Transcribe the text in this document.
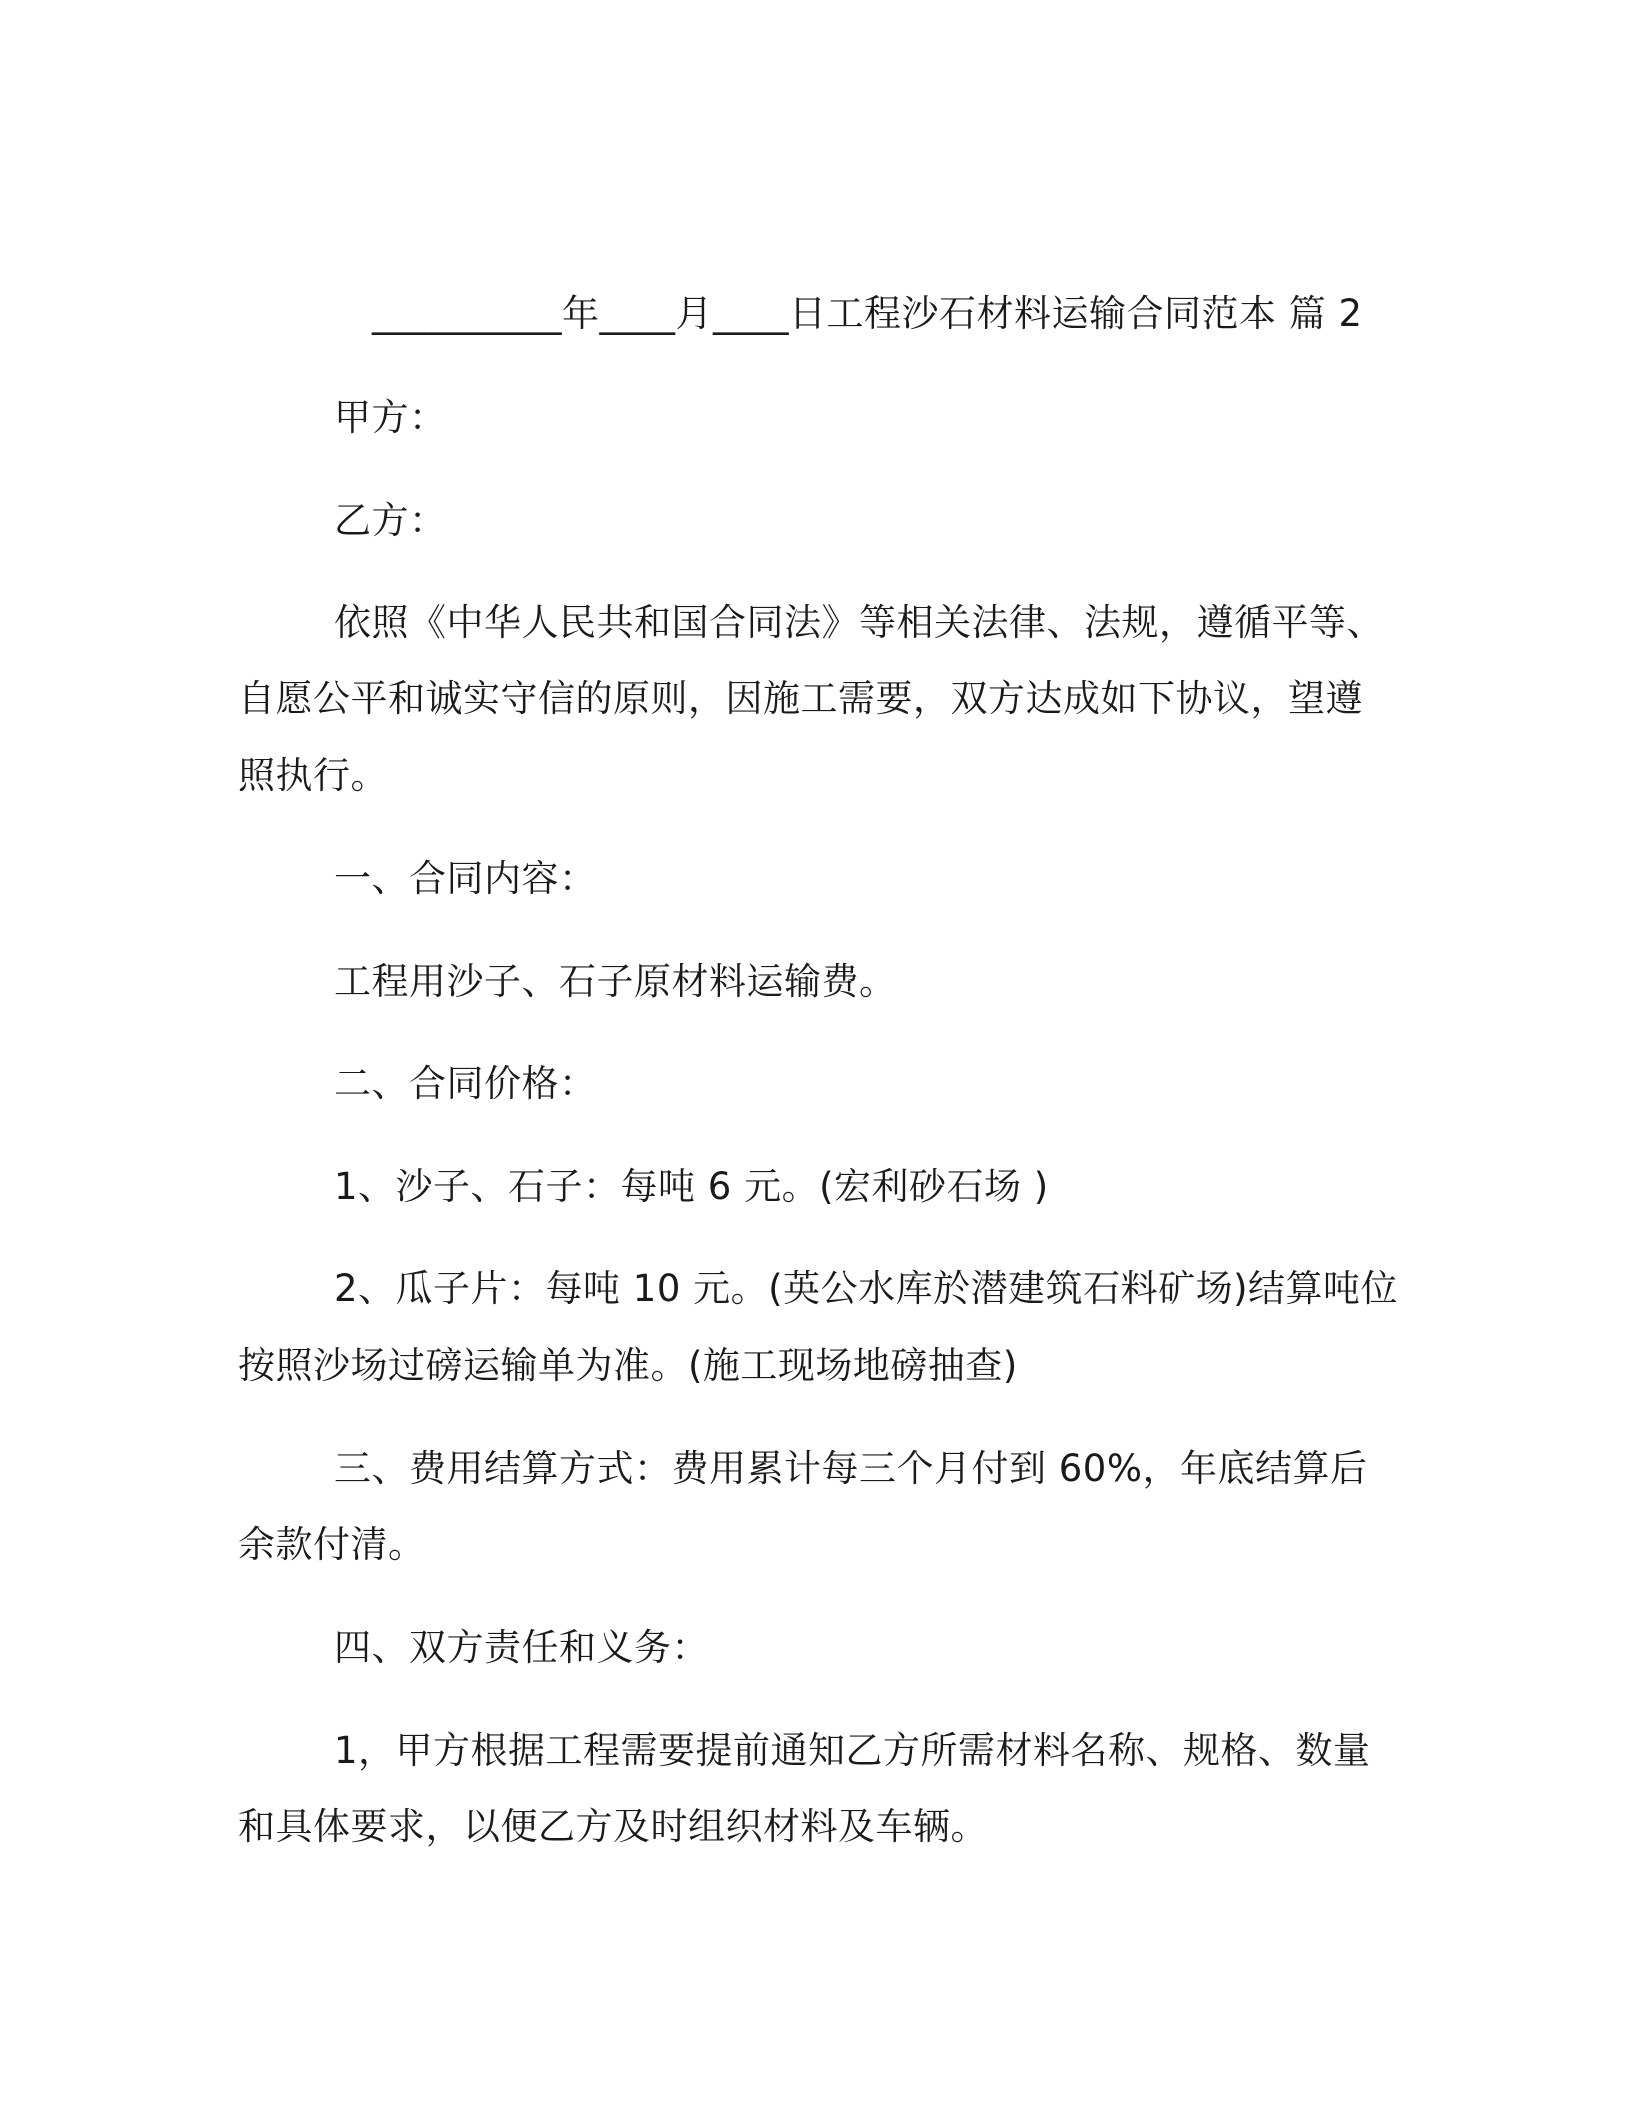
__________年____月____日工程沙石材料运输合同范本 篇 2
甲方：
乙方：
依照《中华人民共和国合同法》等相关法律、法规，遵循平等、
自愿公平和诚实守信的原则，因施工需要，双方达成如下协议，望遵
照执行。
一、合同内容：
工程用沙子、石子原材料运输费。
二、合同价格：
1、沙子、石子：每吨 6 元。(宏利砂石场 )
2、瓜子片：每吨 10 元。(英公水库於潜建筑石料矿场)结算吨位
按照沙场过磅运输单为准。(施工现场地磅抽查)
三、费用结算方式：费用累计每三个月付到 60%，年底结算后
余款付清。
四、双方责任和义务：
1，甲方根据工程需要提前通知乙方所需材料名称、规格、数量
和具体要求，以便乙方及时组织材料及车辆。
